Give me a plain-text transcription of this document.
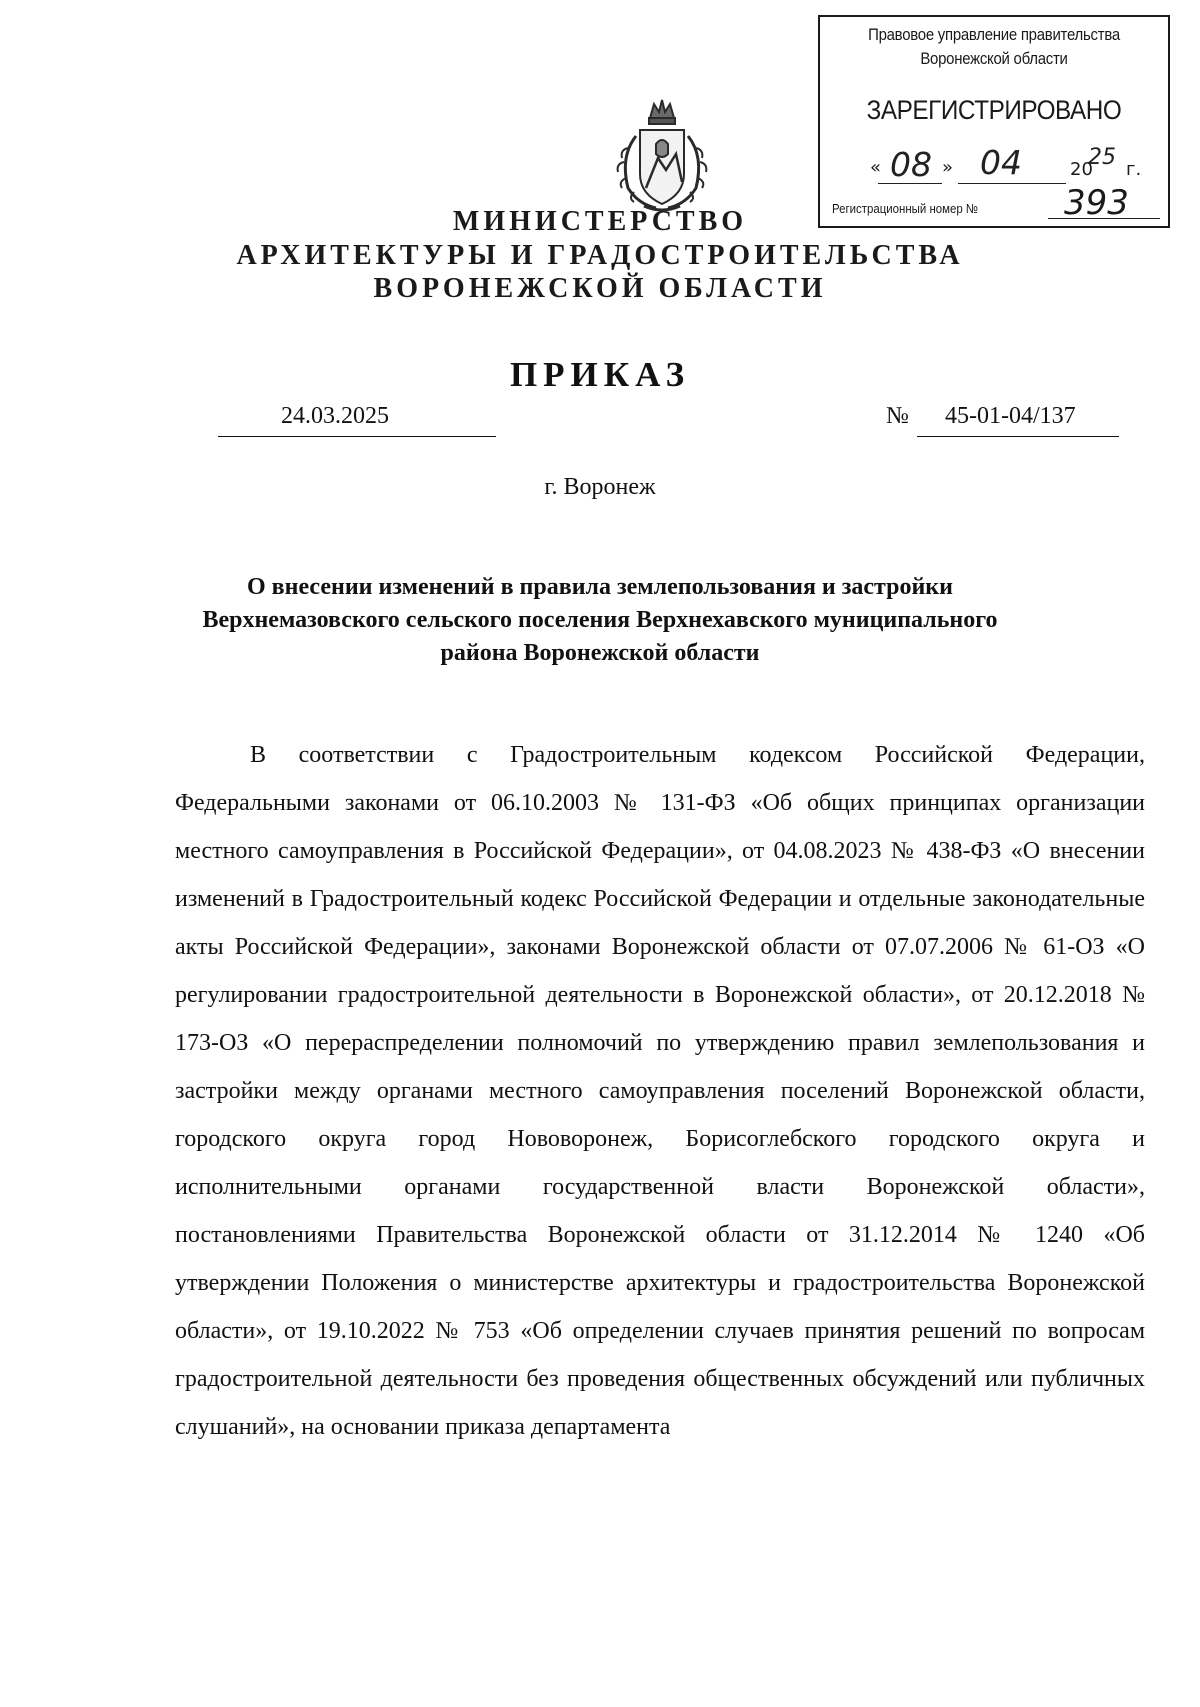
Правовое управление правительства
Воронежской области
ЗАРЕГИСТРИРОВАНО
« 08 » 04	20
25 г.
Регистрационный номер №	393
МИНИСТЕРСТВО
АРХИТЕКТУРЫ И ГРАДОСТРОИТЕЛЬСТВА
ВОРОНЕЖСКОЙ ОБЛАСТИ
ПРИКАЗ
24.03.2025	№ 45-01-04/137
г. Воронеж
О внесении изменений в правила землепользования и застройки
Верхнемазовского сельского поселения Верхнехавского муниципального
района Воронежской области

В соответствии с Градостроительным кодексом Российской Федерации, Федеральными законами от 06.10.2003 № 131-ФЗ «Об общих принципах организации местного самоуправления в Российской Федерации», от 04.08.2023 № 438-ФЗ «О внесении изменений в Градостроительный кодекс Российской Федерации и отдельные законодательные акты Российской Федерации», законами Воронежской области от 07.07.2006 № 61-ОЗ «О регулировании градостроительной деятельности в Воронежской области», от 20.12.2018 № 173-ОЗ «О перераспределении полномочий по утверждению правил землепользования и застройки между органами местного самоуправления поселений Воронежской области, городского округа город Нововоронеж, Борисоглебского городского округа и исполнительными органами государственной власти Воронежской области», постановлениями Правительства Воронежской области от 31.12.2014 № 1240 «Об утверждении Положения о министерстве архитектуры и градостроительства Воронежской области», от 19.10.2022 № 753 «Об определении случаев принятия решений по вопросам градостроительной деятельности без проведения общественных обсуждений или публичных слушаний», на основании приказа департамента
